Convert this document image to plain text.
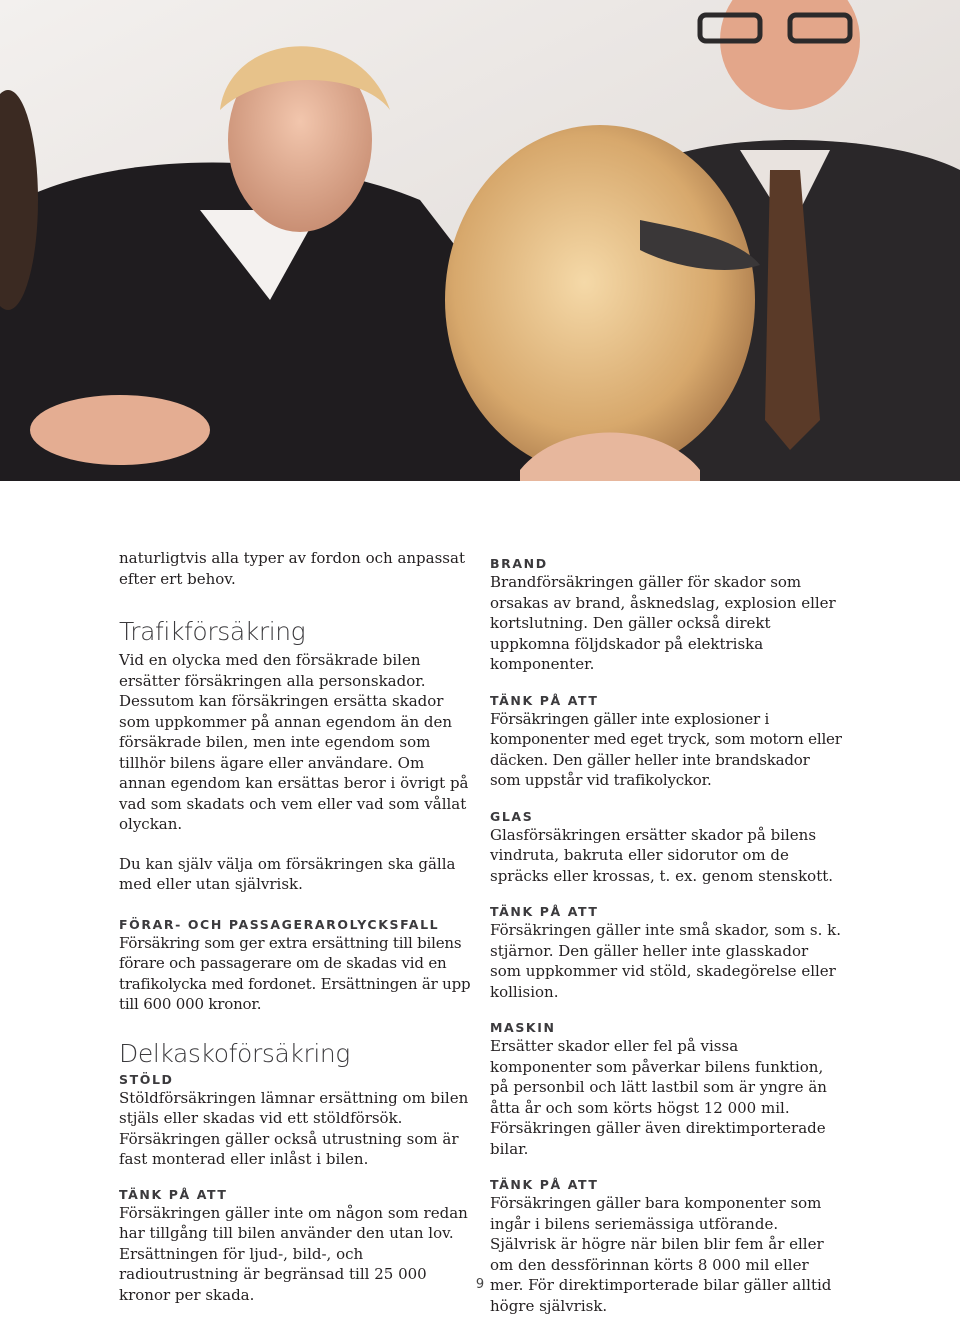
naturligtvis alla typer av fordon och anpassat efter ert behov.

Trafikförsäkring

Vid en olycka med den försäkrade bilen ersätter försäkringen alla personskador. Dessutom kan försäkringen ersätta skador som uppkommer på annan egendom än den försäkrade bilen, men inte egendom som tillhör bilens ägare eller användare. Om annan egendom kan ersättas beror i övrigt på vad som skadats och vem eller vad som vållat olyckan.

Du kan själv välja om försäkringen ska gälla med eller utan självrisk.

FÖRAR- OCH PASSAGERAROLYCKSFALL

Försäkring som ger extra ersättning till bilens förare och passagerare om de skadas vid en trafikolycka med fordonet. Ersättningen är upp till 600 000 kronor.

Delkaskoförsäkring
STÖLD

Stöldförsäkringen lämnar ersättning om bilen stjäls eller skadas vid ett stöldförsök. Försäkringen gäller också utrustning som är fast monterad eller inlåst i bilen.

TÄNK PÅ ATT

Försäkringen gäller inte om någon som redan har tillgång till bilen använder den utan lov. Ersättningen för ljud-, bild-, och radioutrustning är begränsad till 25 000 kronor per skada.

BRAND

Brandförsäkringen gäller för skador som orsakas av brand, åsknedslag, explosion eller kortslutning. Den gäller också direkt uppkomna följdskador på elektriska komponenter.

TÄNK PÅ ATT

Försäkringen gäller inte explosioner i komponenter med eget tryck, som motorn eller däcken. Den gäller heller inte brandskador som uppstår vid trafikolyckor.

GLAS

Glasförsäkringen ersätter skador på bilens vindruta, bakruta eller sidorutor om de spräcks eller krossas, t. ex. genom stenskott.

TÄNK PÅ ATT

Försäkringen gäller inte små skador, som s. k. stjärnor. Den gäller heller inte glasskador som uppkommer vid stöld, skadegörelse eller kollision.

MASKIN

Ersätter skador eller fel på vissa komponenter som påverkar bilens funktion, på personbil och lätt lastbil som är yngre än åtta år och som körts högst 12 000 mil. Försäkringen gäller även direktimporterade bilar.

TÄNK PÅ ATT

Försäkringen gäller bara komponenter som ingår i bilens seriemässiga utförande. Självrisk är högre när bilen blir fem år eller om den dessförinnan körts 8 000 mil eller mer. För direktimporterade bilar gäller alltid högre självrisk.

9
